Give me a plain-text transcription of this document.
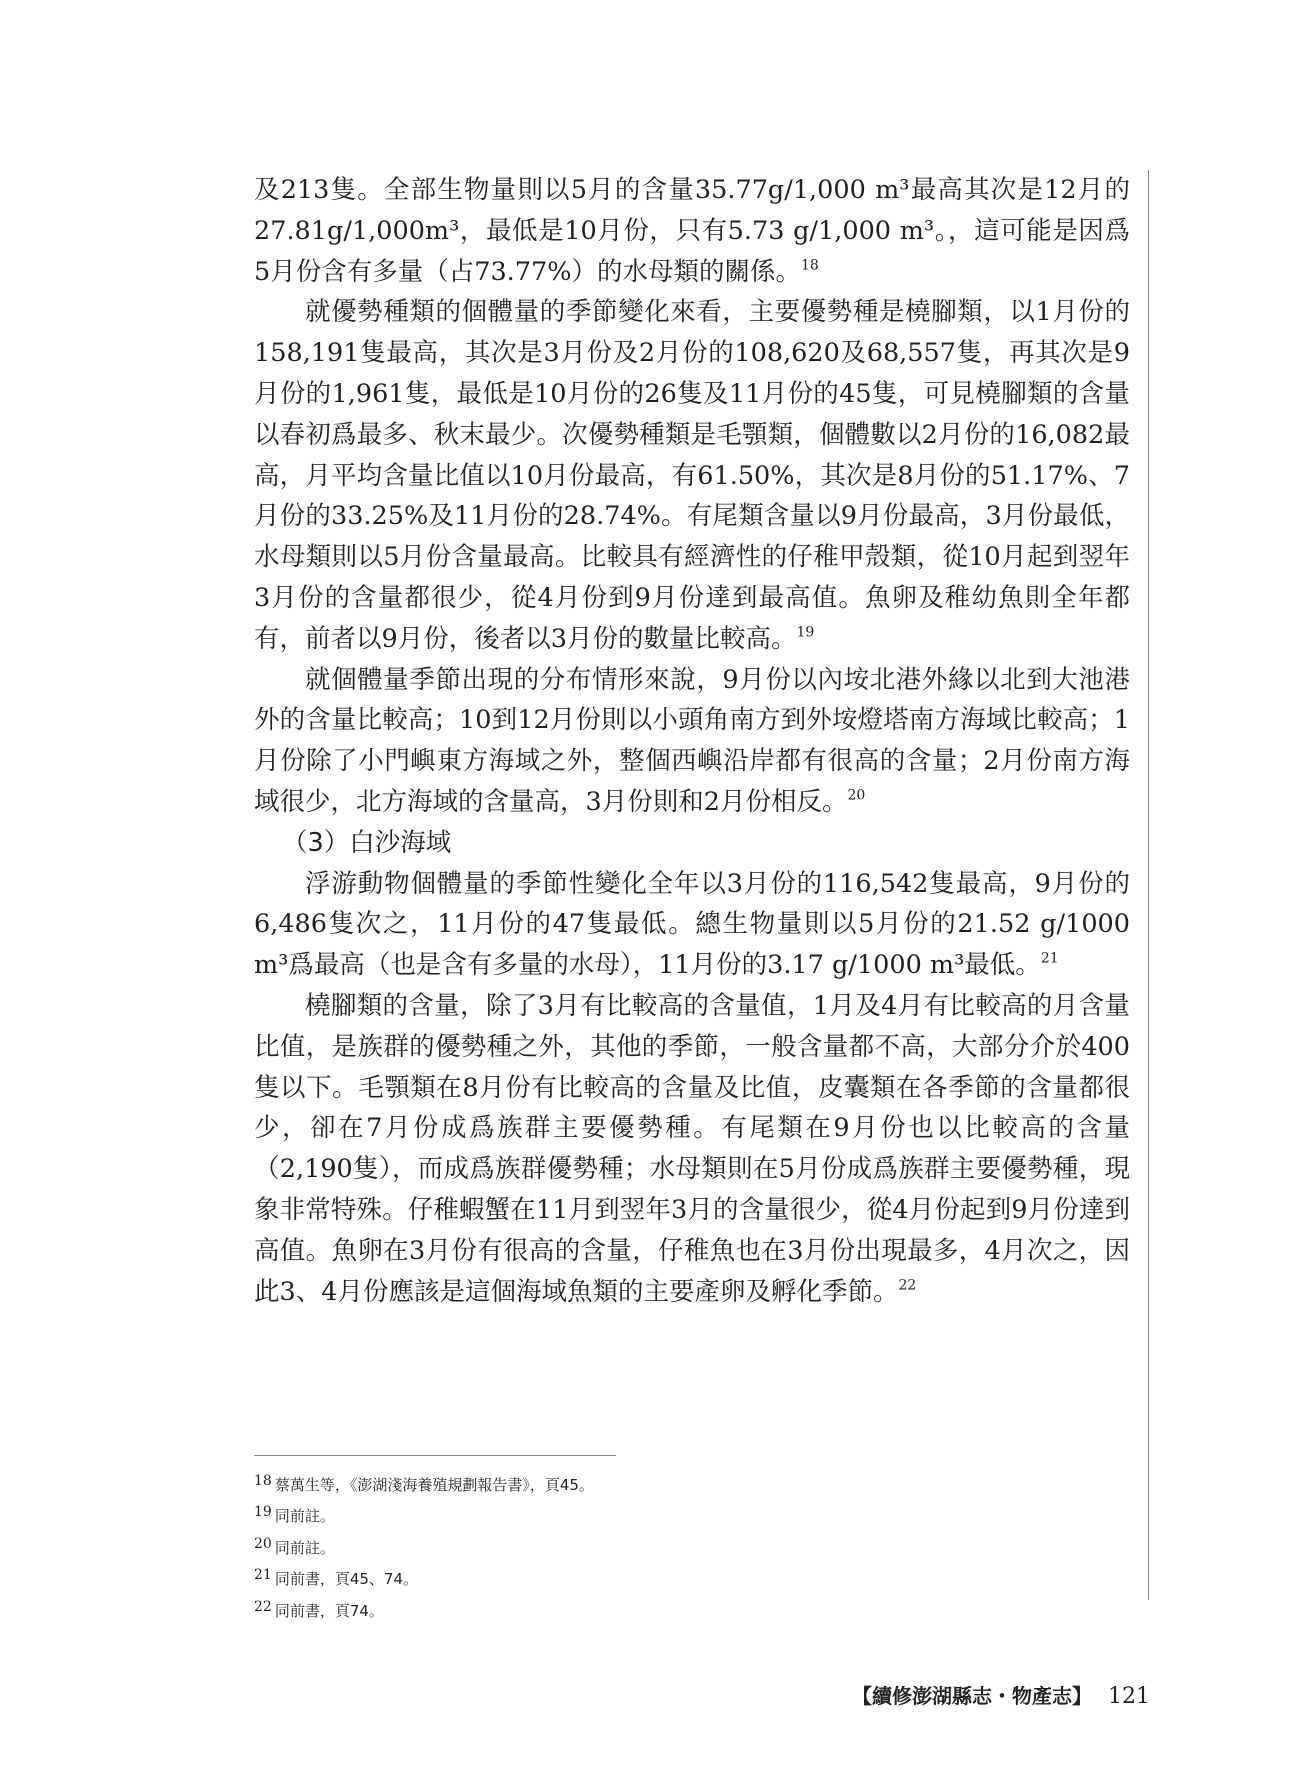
及213隻。全部生物量則以5月的含量35.77g/1,000 m³最高其次是12月的27.81g/1,000m³，最低是10月份，只有5.73 g/1,000 m³。，這可能是因爲5月份含有多量（占73.77%）的水母類的關係。$^{18}$

就優勢種類的個體量的季節變化來看，主要優勢種是橈腳類，以1月份的158,191隻最高，其次是3月份及2月份的108,620及68,557隻，再其次是9月份的1,961隻，最低是10月份的26隻及11月份的45隻，可見橈腳類的含量以春初爲最多、秋末最少。次優勢種類是毛顎類，個體數以2月份的16,082最高，月平均含量比值以10月份最高，有61.50%，其次是8月份的51.17%、7月份的33.25%及11月份的28.74%。有尾類含量以9月份最高，3月份最低，水母類則以5月份含量最高。比較具有經濟性的仔稚甲殼類，從10月起到翌年3月份的含量都很少，從4月份到9月份達到最高值。魚卵及稚幼魚則全年都有，前者以9月份，後者以3月份的數量比較高。$^{19}$

就個體量季節出現的分布情形來說，9月份以內垵北港外緣以北到大池港外的含量比較高；10到12月份則以小頭角南方到外垵燈塔南方海域比較高；1月份除了小門嶼東方海域之外，整個西嶼沿岸都有很高的含量；2月份南方海域很少，北方海域的含量高，3月份則和2月份相反。$^{20}$

（3）白沙海域

浮游動物個體量的季節性變化全年以3月份的116,542隻最高，9月份的6,486隻次之，11月份的47隻最低。總生物量則以5月份的21.52 g/1000 m³爲最高（也是含有多量的水母），11月份的3.17 g/1000 m³最低。$^{21}$

橈腳類的含量，除了3月有比較高的含量值，1月及4月有比較高的月含量比值，是族群的優勢種之外，其他的季節，一般含量都不高，大部分介於400隻以下。毛顎類在8月份有比較高的含量及比值，皮囊類在各季節的含量都很少，卻在7月份成爲族群主要優勢種。有尾類在9月份也以比較高的含量（2,190隻），而成爲族群優勢種；水母類則在5月份成爲族群主要優勢種，現象非常特殊。仔稚蝦蟹在11月到翌年3月的含量很少，從4月份起到9月份達到高值。魚卵在3月份有很高的含量，仔稚魚也在3月份出現最多，4月次之，因此3、4月份應該是這個海域魚類的主要產卵及孵化季節。$^{22}$

18 蔡萬生等，《澎湖淺海養殖規劃報告書》，頁45。

19 同前註。

20 同前註。

21 同前書，頁45、74。

22 同前書，頁74。

【續修澎湖縣志・物產志】 121
